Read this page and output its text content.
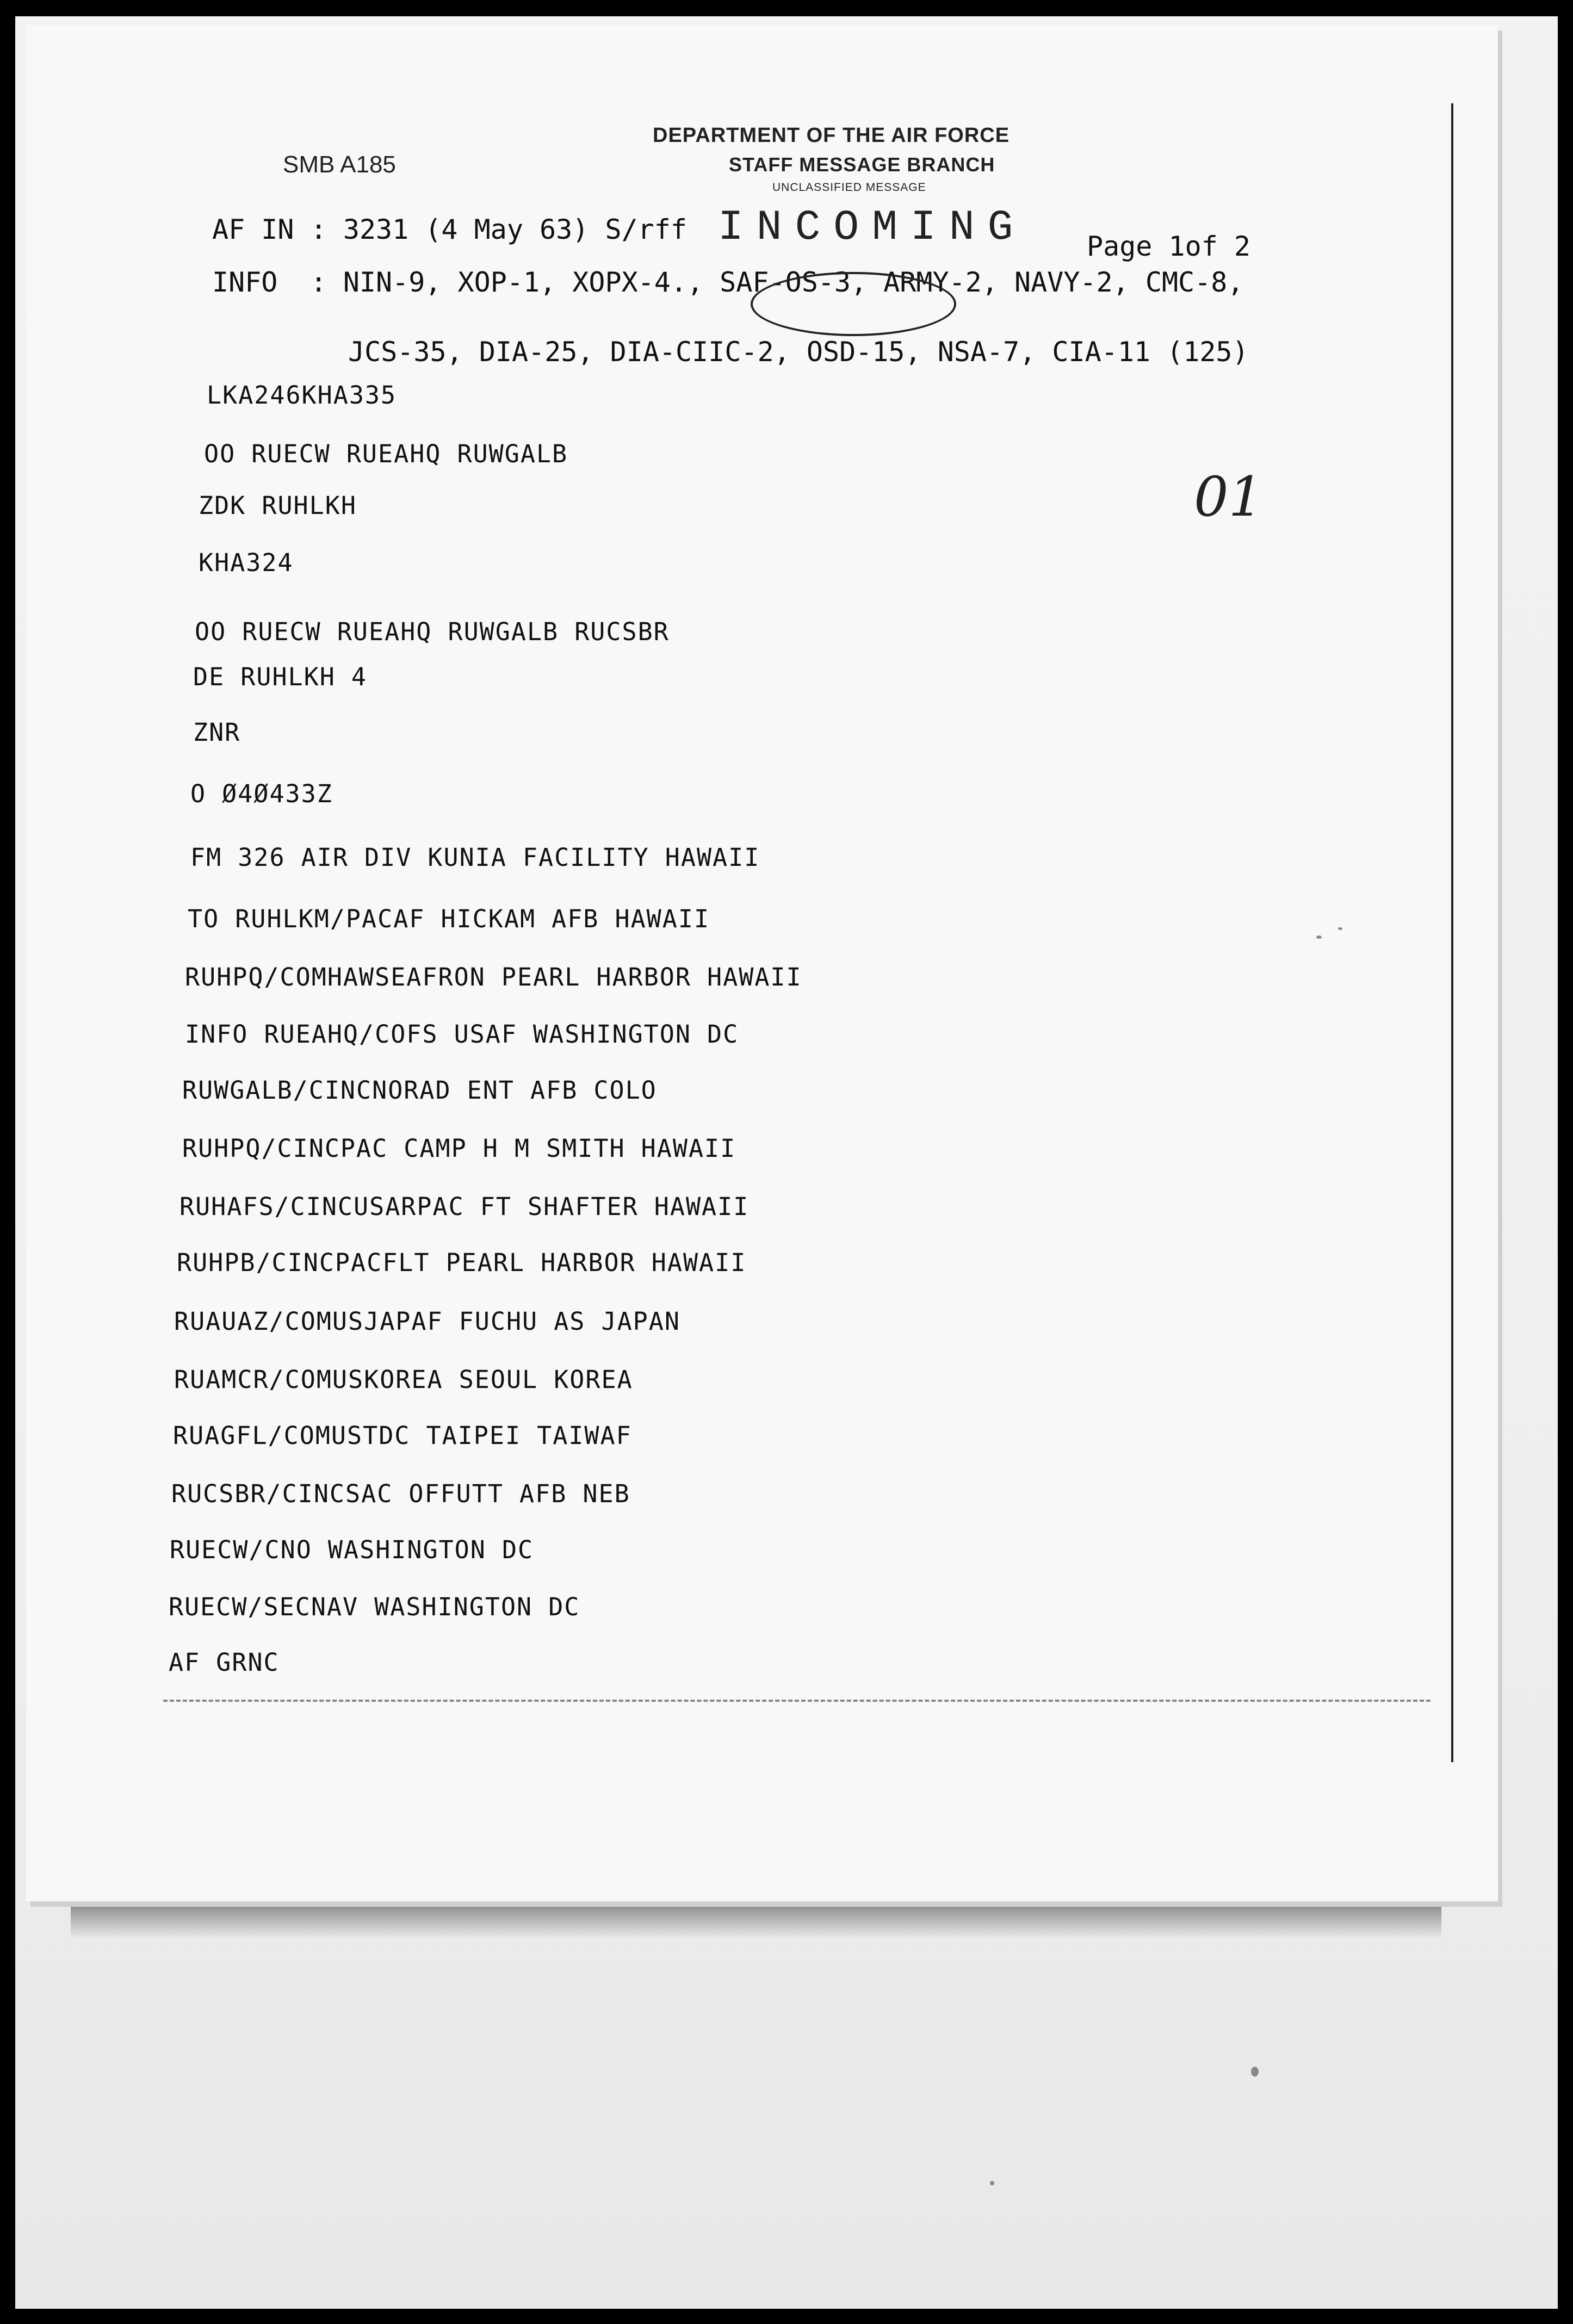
DEPARTMENT OF THE AIR FORCE
STAFF MESSAGE BRANCH
UNCLASSIFIED MESSAGE
INCOMING
SMB A185
AF IN : 3231 (4 May 63) S/rff
Page 1of 2
INFO  : NIN-9, XOP-1, XOPX-4., SAF-OS-3, ARMY-2, NAVY-2, CMC-8,
JCS-35, DIA-25, DIA-CIIC-2, OSD-15, NSA-7, CIA-11 (125)
01
LKA246KHA335
OO RUECW RUEAHQ RUWGALB
ZDK RUHLKH
KHA324
OO RUECW RUEAHQ RUWGALB RUCSBR
DE RUHLKH 4
ZNR
O Ø4Ø433Z
FM 326 AIR DIV KUNIA FACILITY HAWAII
TO RUHLKM/PACAF HICKAM AFB HAWAII
RUHPQ/COMHAWSEAFRON PEARL HARBOR HAWAII
INFO RUEAHQ/COFS USAF WASHINGTON DC
RUWGALB/CINCNORAD ENT AFB COLO
RUHPQ/CINCPAC CAMP H M SMITH HAWAII
RUHAFS/CINCUSARPAC FT SHAFTER HAWAII
RUHPB/CINCPACFLT PEARL HARBOR HAWAII
RUAUAZ/COMUSJAPAF FUCHU AS JAPAN
RUAMCR/COMUSKOREA SEOUL KOREA
RUAGFL/COMUSTDC TAIPEI TAIWAF
RUCSBR/CINCSAC OFFUTT AFB NEB
RUECW/CNO WASHINGTON DC
RUECW/SECNAV WASHINGTON DC
AF GRNC
